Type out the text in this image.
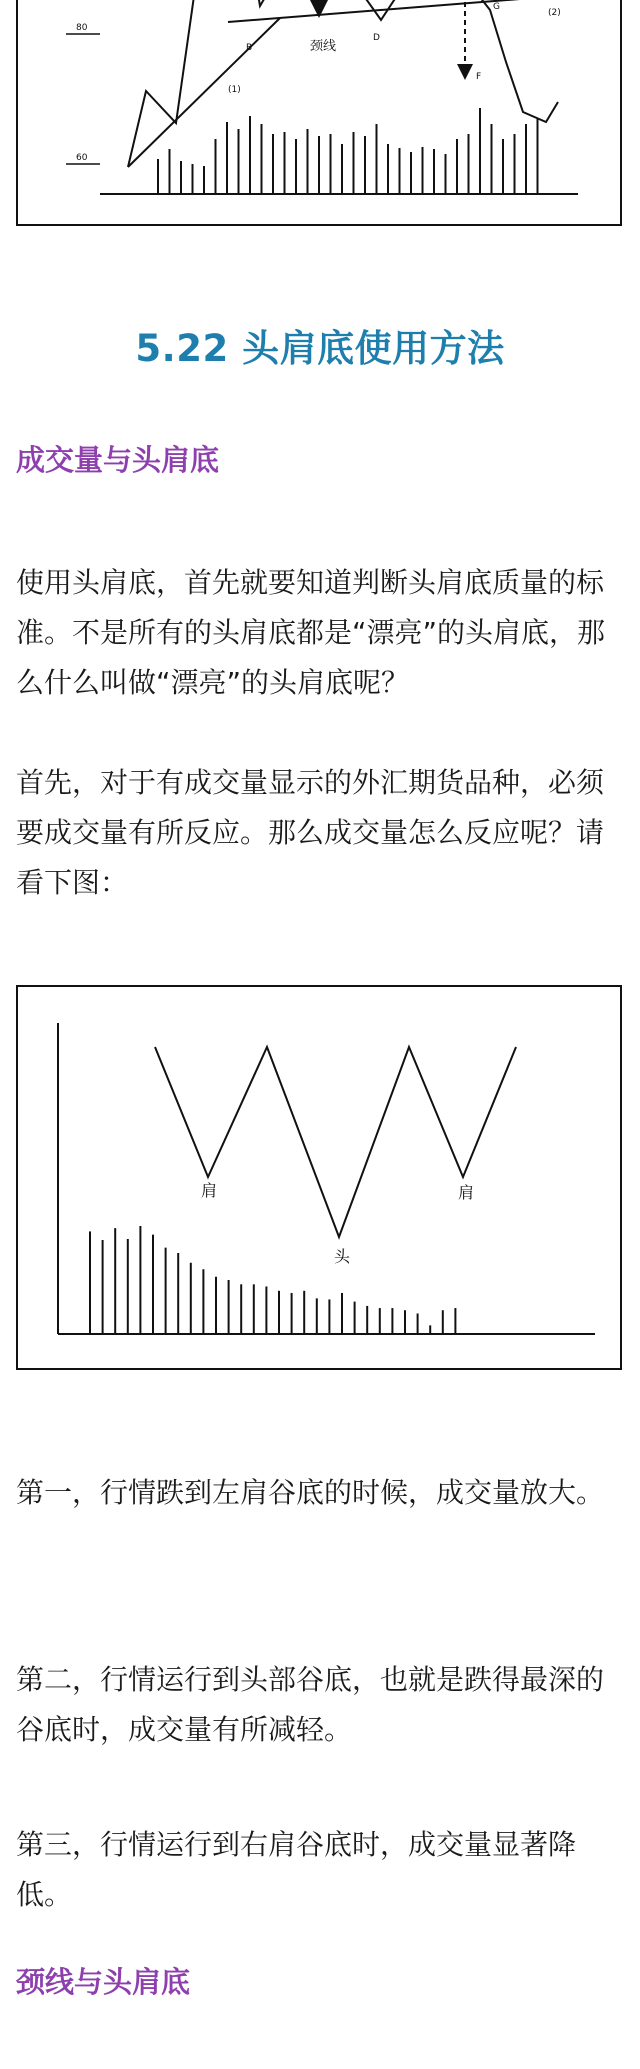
80
60
颈线
B
D
G
F
(1)
(2)
5.22 头肩底使用方法
成交量与头肩底
使用头肩底，首先就要知道判断头肩底质量的标准。不是所有的头肩底都是“漂亮”的头肩底，那么什么叫做“漂亮”的头肩底呢？
首先，对于有成交量显示的外汇期货品种，必须要成交量有所反应。那么成交量怎么反应呢？请看下图：
肩
头
肩
第一，行情跌到左肩谷底的时候，成交量放大。
第二，行情运行到头部谷底，也就是跌得最深的谷底时，成交量有所减轻。
第三，行情运行到右肩谷底时，成交量显著降低。
颈线与头肩底
